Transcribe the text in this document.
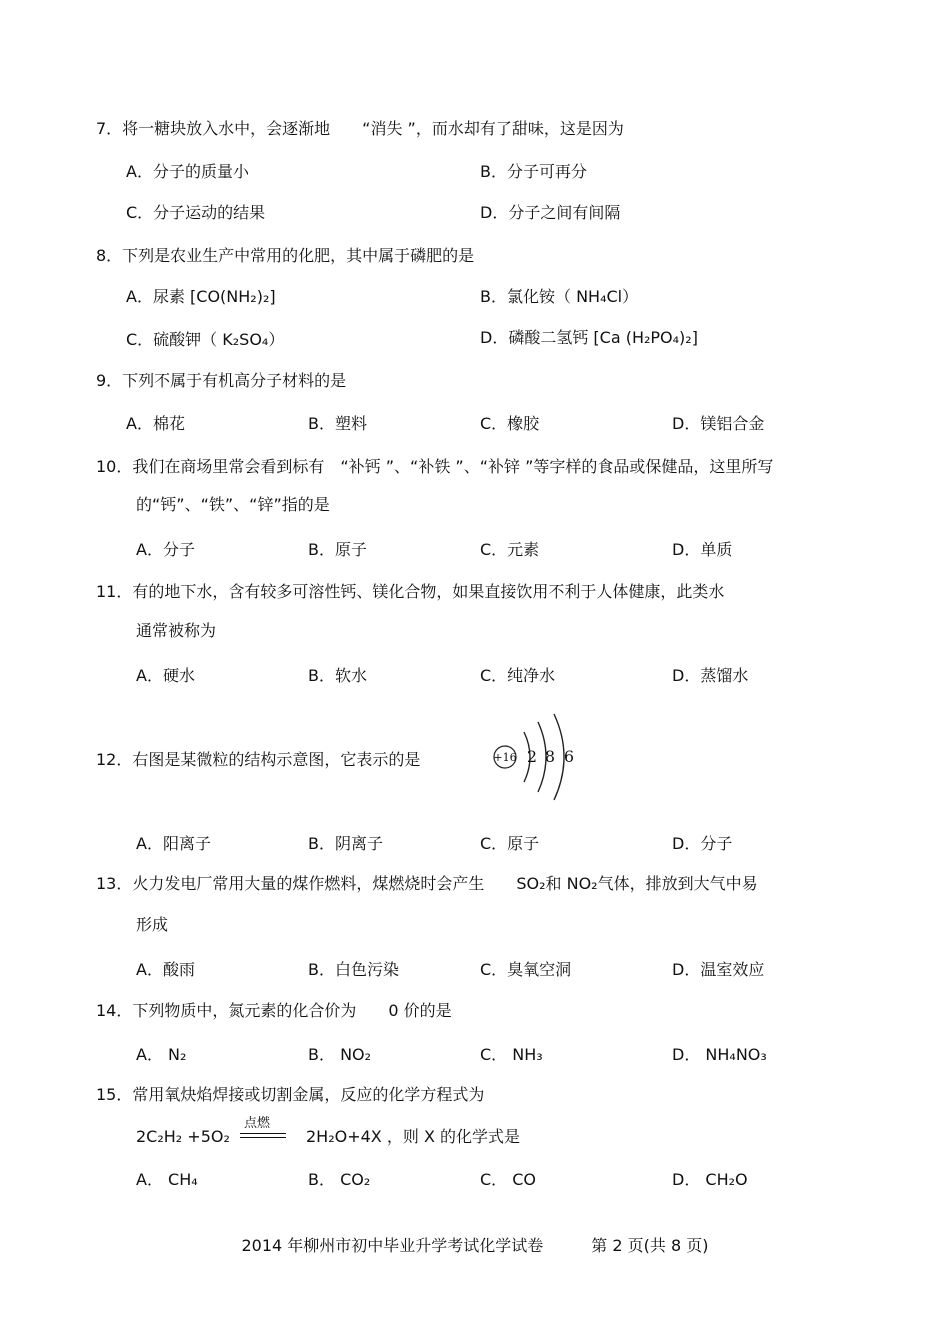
7．将一糖块放入水中，会逐渐地　　“消失 ”，而水却有了甜味，这是因为
A．分子的质量小	B．分子可再分
C．分子运动的结果	D．分子之间有间隔
8．下列是农业生产中常用的化肥，其中属于磷肥的是
A．尿素 [CO(NH₂)₂]	B．氯化铵（ NH₄Cl）
C．硫酸钾（ K₂SO₄）	D．磷酸二氢钙 [Ca (H₂PO₄)₂]
9．下列不属于有机高分子材料的是
A．棉花	B．塑料	C．橡胶	D．镁铝合金
10．我们在商场里常会看到标有　“补钙 ”、“补铁 ”、“补锌 ”等字样的食品或保健品，这里所写
的“钙”、“铁”、“锌”指的是
A．分子	B．原子	C．元素	D．单质
11．有的地下水，含有较多可溶性钙、镁化合物，如果直接饮用不利于人体健康，此类水
通常被称为
A．硬水	B．软水	C．纯净水	D．蒸馏水
12．右图是某微粒的结构示意图，它表示的是	+16 2 8 6
A．阳离子	B．阴离子	C．原子	D．分子
13．火力发电厂常用大量的煤作燃料，煤燃烧时会产生　　SO₂和 NO₂气体，排放到大气中易
形成
A．酸雨	B．白色污染	C．臭氧空洞	D．温室效应
14．下列物质中，氮元素的化合价为　　0 价的是
A． N₂	B． NO₂	C． NH₃	D． NH₄NO₃
15．常用氧炔焰焊接或切割金属，反应的化学方程式为
2C₂H₂ +5O₂
点燃
2H₂O+4X ，则 X 的化学式是
A． CH₄	B． CO₂	C． CO	D． CH₂O
2014 年柳州市初中毕业升学考试化学试卷　　　第 2 页(共 8 页)
